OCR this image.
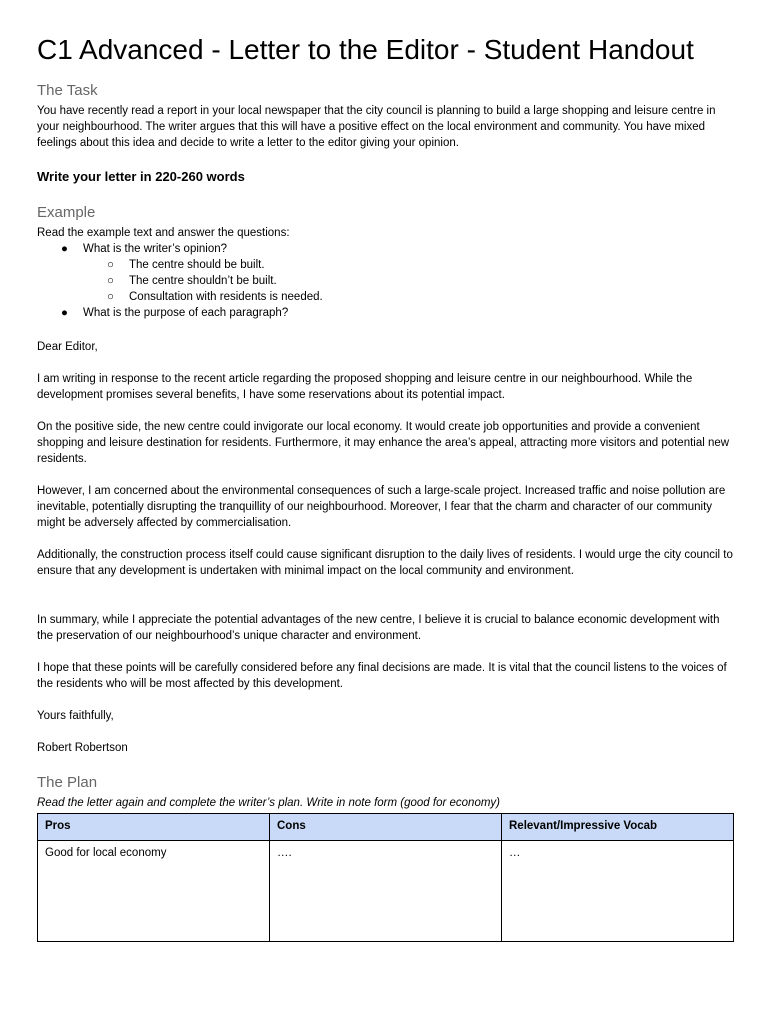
C1 Advanced - Letter to the Editor - Student Handout
The Task

You have recently read a report in your local newspaper that the city council is planning to build a large shopping and leisure centre in your neighbourhood. The writer argues that this will have a positive effect on the local environment and community. You have mixed feelings about this idea and decide to write a letter to the editor giving your opinion.

Write your letter in 220-260 words

Example

Read the example text and answer the questions:

● What is the writer’s opinion?
○ The centre should be built.
○ The centre shouldn’t be built.
○ Consultation with residents is needed.
● What is the purpose of each paragraph?

Dear Editor,

I am writing in response to the recent article regarding the proposed shopping and leisure centre in our neighbourhood. While the development promises several benefits, I have some reservations about its potential impact.

On the positive side, the new centre could invigorate our local economy. It would create job opportunities and provide a convenient shopping and leisure destination for residents. Furthermore, it may enhance the area’s appeal, attracting more visitors and potential new residents.

However, I am concerned about the environmental consequences of such a large-scale project. Increased traffic and noise pollution are inevitable, potentially disrupting the tranquillity of our neighbourhood. Moreover, I fear that the charm and character of our community might be adversely affected by commercialisation.

Additionally, the construction process itself could cause significant disruption to the daily lives of residents. I would urge the city council to ensure that any development is undertaken with minimal impact on the local community and environment.

In summary, while I appreciate the potential advantages of the new centre, I believe it is crucial to balance economic development with the preservation of our neighbourhood’s unique character and environment.

I hope that these points will be carefully considered before any final decisions are made. It is vital that the council listens to the voices of the residents who will be most affected by this development.

Yours faithfully,

Robert Robertson

The Plan

Read the letter again and complete the writer’s plan. Write in note form (good for economy)

Pros	Cons	Relevant/Impressive Vocab
Good for local economy	….	…
